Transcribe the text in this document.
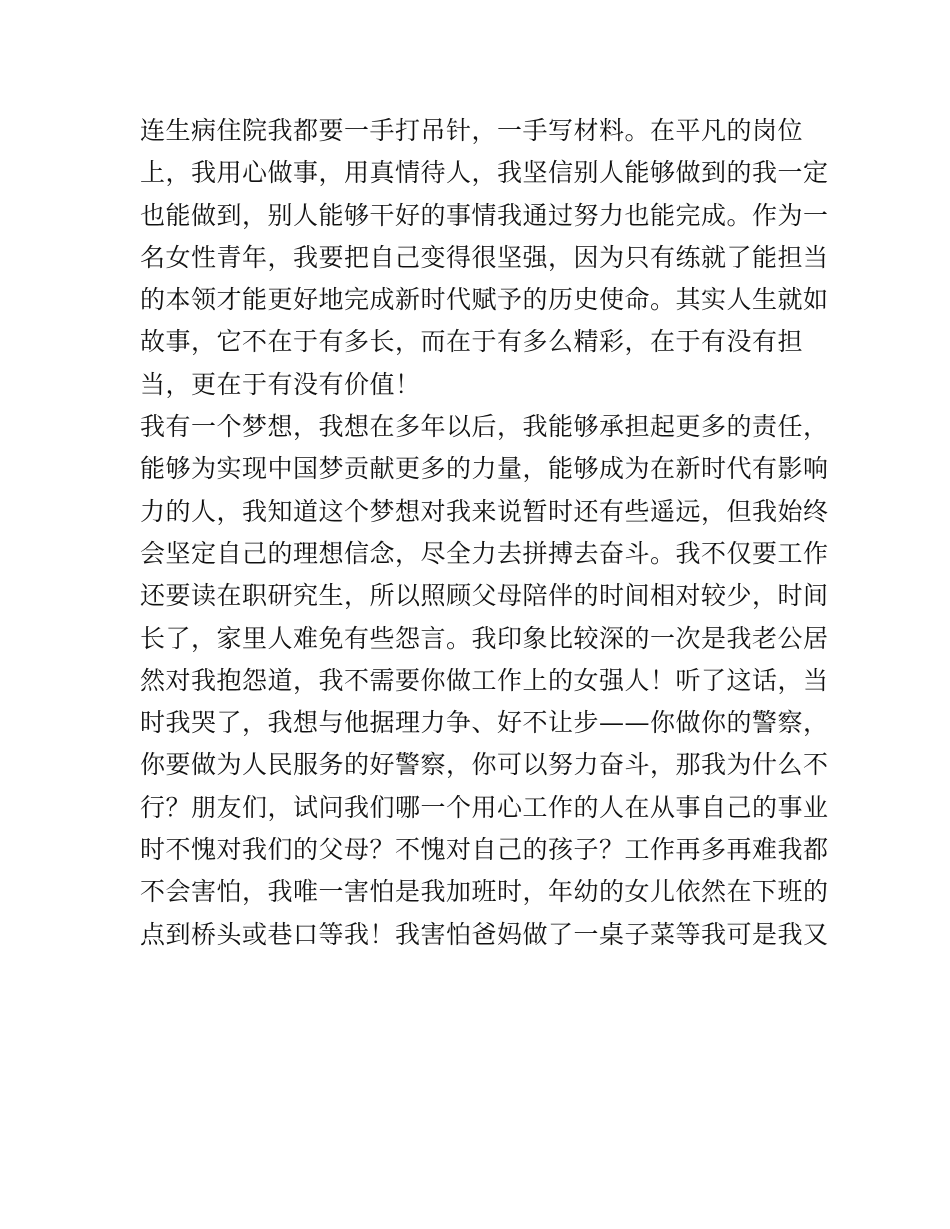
连生病住院我都要一手打吊针，一手写材料。在平凡的岗位
上，我用心做事，用真情待人，我坚信别人能够做到的我一定
也能做到，别人能够干好的事情我通过努力也能完成。作为一
名女性青年，我要把自己变得很坚强，因为只有练就了能担当
的本领才能更好地完成新时代赋予的历史使命。其实人生就如
故事，它不在于有多长，而在于有多么精彩，在于有没有担
当，更在于有没有价值！
我有一个梦想，我想在多年以后，我能够承担起更多的责任，
能够为实现中国梦贡献更多的力量，能够成为在新时代有影响
力的人，我知道这个梦想对我来说暂时还有些遥远，但我始终
会坚定自己的理想信念，尽全力去拼搏去奋斗。我不仅要工作
还要读在职研究生，所以照顾父母陪伴的时间相对较少，时间
长了，家里人难免有些怨言。我印象比较深的一次是我老公居
然对我抱怨道，我不需要你做工作上的女强人！听了这话，当
时我哭了，我想与他据理力争、好不让步——你做你的警察，
你要做为人民服务的好警察，你可以努力奋斗，那我为什么不
行？朋友们，试问我们哪一个用心工作的人在从事自己的事业
时不愧对我们的父母？不愧对自己的孩子？工作再多再难我都
不会害怕，我唯一害怕是我加班时，年幼的女儿依然在下班的
点到桥头或巷口等我！我害怕爸妈做了一桌子菜等我可是我又
